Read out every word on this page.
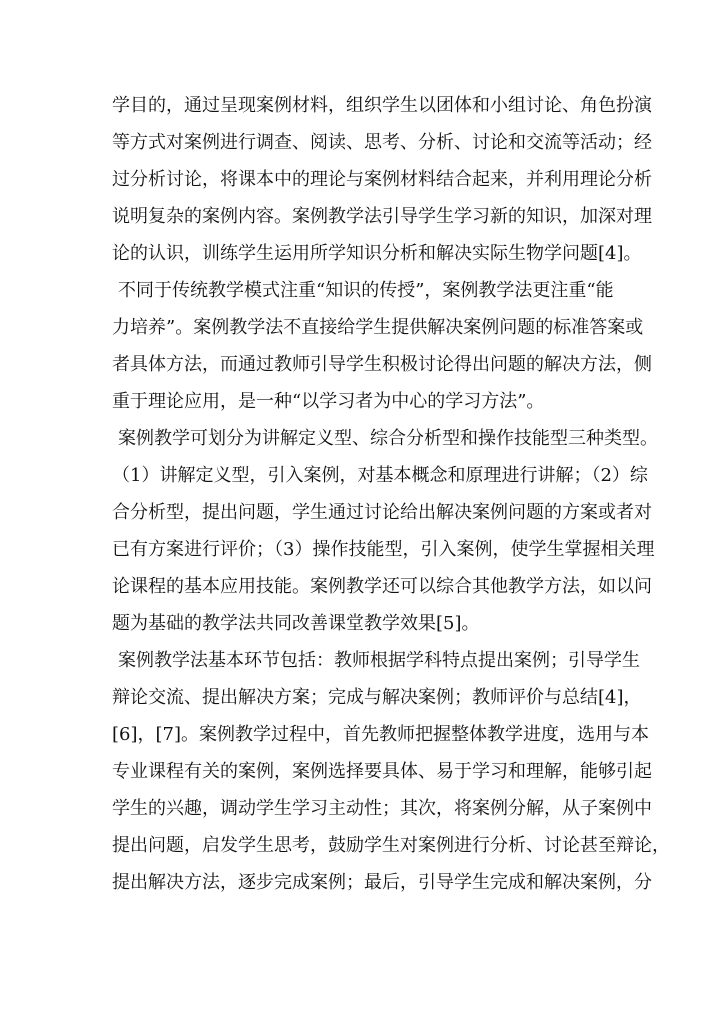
学目的，通过呈现案例材料，组织学生以团体和小组讨论、角色扮演
等方式对案例进行调查、阅读、思考、分析、讨论和交流等活动；经
过分析讨论，将课本中的理论与案例材料结合起来，并利用理论分析
说明复杂的案例内容。案例教学法引导学生学习新的知识，加深对理
论的认识，训练学生运用所学知识分析和解决实际生物学问题[4]。
不同于传统教学模式注重“知识的传授”，案例教学法更注重“能
力培养”。案例教学法不直接给学生提供解决案例问题的标准答案或
者具体方法，而通过教师引导学生积极讨论得出问题的解决方法，侧
重于理论应用，是一种“以学习者为中心的学习方法”。
案例教学可划分为讲解定义型、综合分析型和操作技能型三种类型。
（1）讲解定义型，引入案例，对基本概念和原理进行讲解；（2）综
合分析型，提出问题，学生通过讨论给出解决案例问题的方案或者对
已有方案进行评价；（3）操作技能型，引入案例，使学生掌握相关理
论课程的基本应用技能。案例教学还可以综合其他教学方法，如以问
题为基础的教学法共同改善课堂教学效果[5]。
案例教学法基本环节包括：教师根据学科特点提出案例；引导学生
辩论交流、提出解决方案；完成与解决案例；教师评价与总结[4]，
[6]，[7]。案例教学过程中，首先教师把握整体教学进度，选用与本
专业课程有关的案例，案例选择要具体、易于学习和理解，能够引起
学生的兴趣，调动学生学习主动性；其次，将案例分解，从子案例中
提出问题，启发学生思考，鼓励学生对案例进行分析、讨论甚至辩论，
提出解决方法，逐步完成案例；最后，引导学生完成和解决案例，分
